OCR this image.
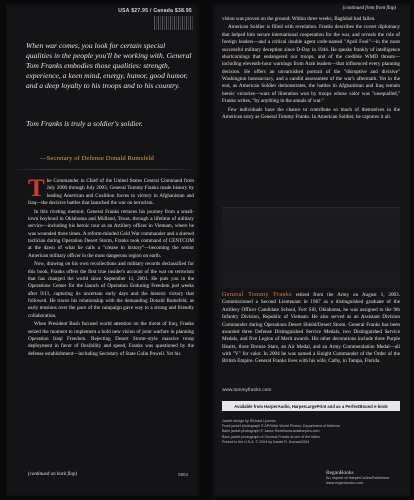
USA $27.95 / Canada $38.95

When war comes, you look for certain special qualities in the people you'll be working with. General Tom Franks embodies those qualities: strength, experience, a keen mind, energy, humor, good humor, and a deep loyalty to his troops and to his country.

Tom Franks is truly a soldier's soldier.

—Secretary of Defense Donald Rumsfeld

The Commander in Chief of the United States Central Command from July 2000 through July 2003, General Tommy Franks made history by leading American and Coalition forces to victory in Afghanistan and Iraq—the decisive battles that launched the war on terrorism.

In this riveting memoir, General Franks retraces his journey from a small-town boyhood in Oklahoma and Midland, Texas, through a lifetime of military service—including his heroic tour as an Artillery officer in Vietnam, where he was wounded three times. A reform-minded Cold War commander and a shrewd tactician during Operation Desert Storm, Franks took command of CENTCOM at the dawn of what he calls a "crease in history"—becoming the senior American military officer in the most dangerous region on earth.

Now, drawing on his own recollections and military records declassified for this book, Franks offers the first true insider's account of the war on terrorism that has changed the world since September 11, 2001. He puts you in the Operations Center for the launch of Operation Enduring Freedom just weeks after 9/11, capturing its uncertain early days and the historic victory that followed. He traces his relationship with the demanding Donald Rumsfeld, as early tensions over the pace of the campaign gave way to a strong and friendly collaboration.

When President Bush focused world attention on the threat of Iraq, Franks seized the moment to implement a bold new vision of joint warfare in planning Operation Iraqi Freedom. Rejecting Desert Storm–style massive troop deployment in favor of flexibility and speed, Franks was questioned by the defense establishment—including Secretary of State Colin Powell. Yet his

(continued on back flap)	0804
(continued from front flap)

vision was proven on the ground: Within three weeks, Baghdad had fallen.

American Soldier is filled with revelation. Franks describes the covert diplomacy that helped him secure international cooperation for the war, and reveals the role of foreign leaders—and a critical double agent code-named "April Fool"—in the most successful military deception since D-Day in 1944. He speaks frankly of intelligence shortcomings that endangered our troops, and of the credible WMD threats—including eleventh-hour warnings from Arab leaders—that influenced every planning decision. He offers an unvarnished portrait of the "disruptive and divisive" Washington bureaucracy, and a candid assessment of the war's aftermath. Yet in the end, as American Soldier demonstrates, the battles in Afghanistan and Iraq remain heroic victories—wars of liberation won by troops whose valor was "unequalled," Franks writes, "by anything in the annals of war."

Few individuals have the chance to contribute so much of themselves to the American story as General Tommy Franks. In American Soldier, he captures it all.

General Tommy Franks retired from the Army on August 1, 2003. Commissioned a Second Lieutenant in 1967 as a distinguished graduate of the Artillery Officer Candidate School, Fort Sill, Oklahoma, he was assigned to the 9th Infantry Division, Republic of Vietnam. He also served as an Assistant Division Commander during Operations Desert Shield/Desert Storm. General Franks has been awarded three Defense Distinguished Service Medals, two Distinguished Service Medals, and five Legion of Merit awards. His other decorations include three Purple Hearts, three Bronze Stars, an Air Medal, and an Army Commendation Medal—all with "V" for valor. In 2004 he was named a Knight Commander of the Order of the British Empire. General Franks lives with his wife, Cathy, in Tampa, Florida.

www.tommyfranks.com
Available from HarperAudio, HarperLargePrint and as a PerfectBound e-book
Jacket design by Richard Ljoenes
Front jacket photograph © AP/Wide World Photos; Department of Defense
Back jacket photograph © Jason Reed/www.aviationpics.com
Back jacket photograph of General Franks at one of the fallen
Printed in the U.S.A. © 2004 by Daniel R. Dumas/2004
ReganBooks
An Imprint of HarperCollinsPublishers
www.reganbooks.com
